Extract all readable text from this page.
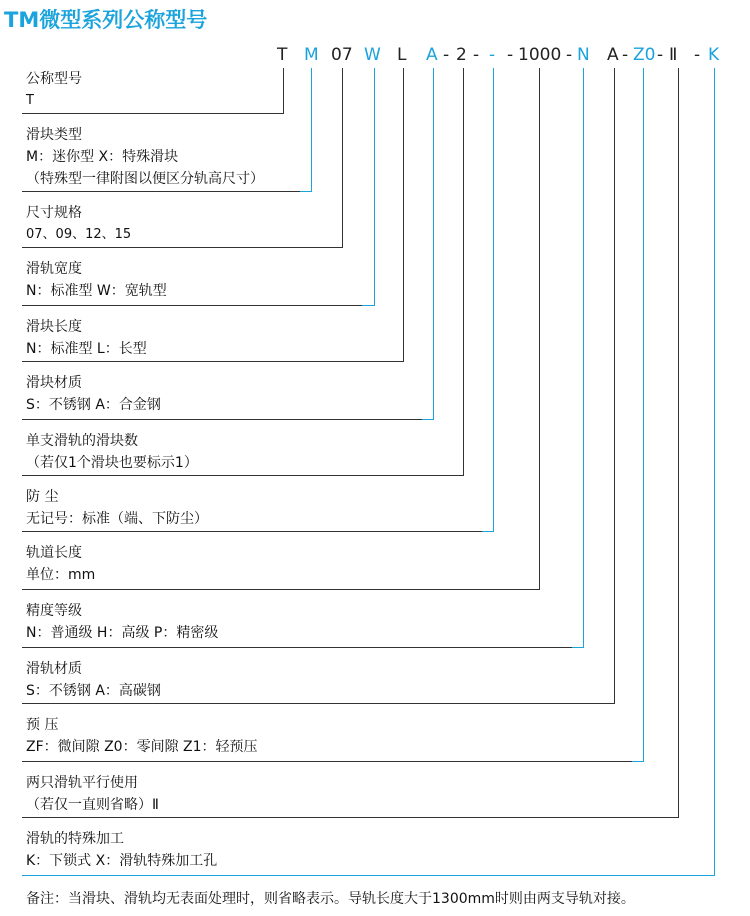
TM微型系列公称型号
T M 07 W L A - 2 - - - 1000 - N A - Z0 - Ⅱ - K
公称型号
T
滑块类型
M：迷你型 X：特殊滑块
（特殊型一律附图以便区分轨高尺寸）
尺寸规格
07、09、12、15
滑轨宽度
N：标准型 W：宽轨型
滑块长度
N：标准型 L：长型
滑块材质
S：不锈钢 A：合金钢
单支滑轨的滑块数
（若仅1个滑块也要标示1）
防 尘
无记号：标准（端、下防尘）
轨道长度
单位：mm
精度等级
N：普通级 H：高级 P：精密级
滑轨材质
S：不锈钢 A：高碳钢
预 压
ZF：微间隙 Z0：零间隙 Z1：轻预压
两只滑轨平行使用
（若仅一直则省略）Ⅱ
滑轨的特殊加工
K：下锁式 X：滑轨特殊加工孔
备注：当滑块、滑轨均无表面处理时，则省略表示。导轨长度大于1300mm时则由两支导轨对接。
